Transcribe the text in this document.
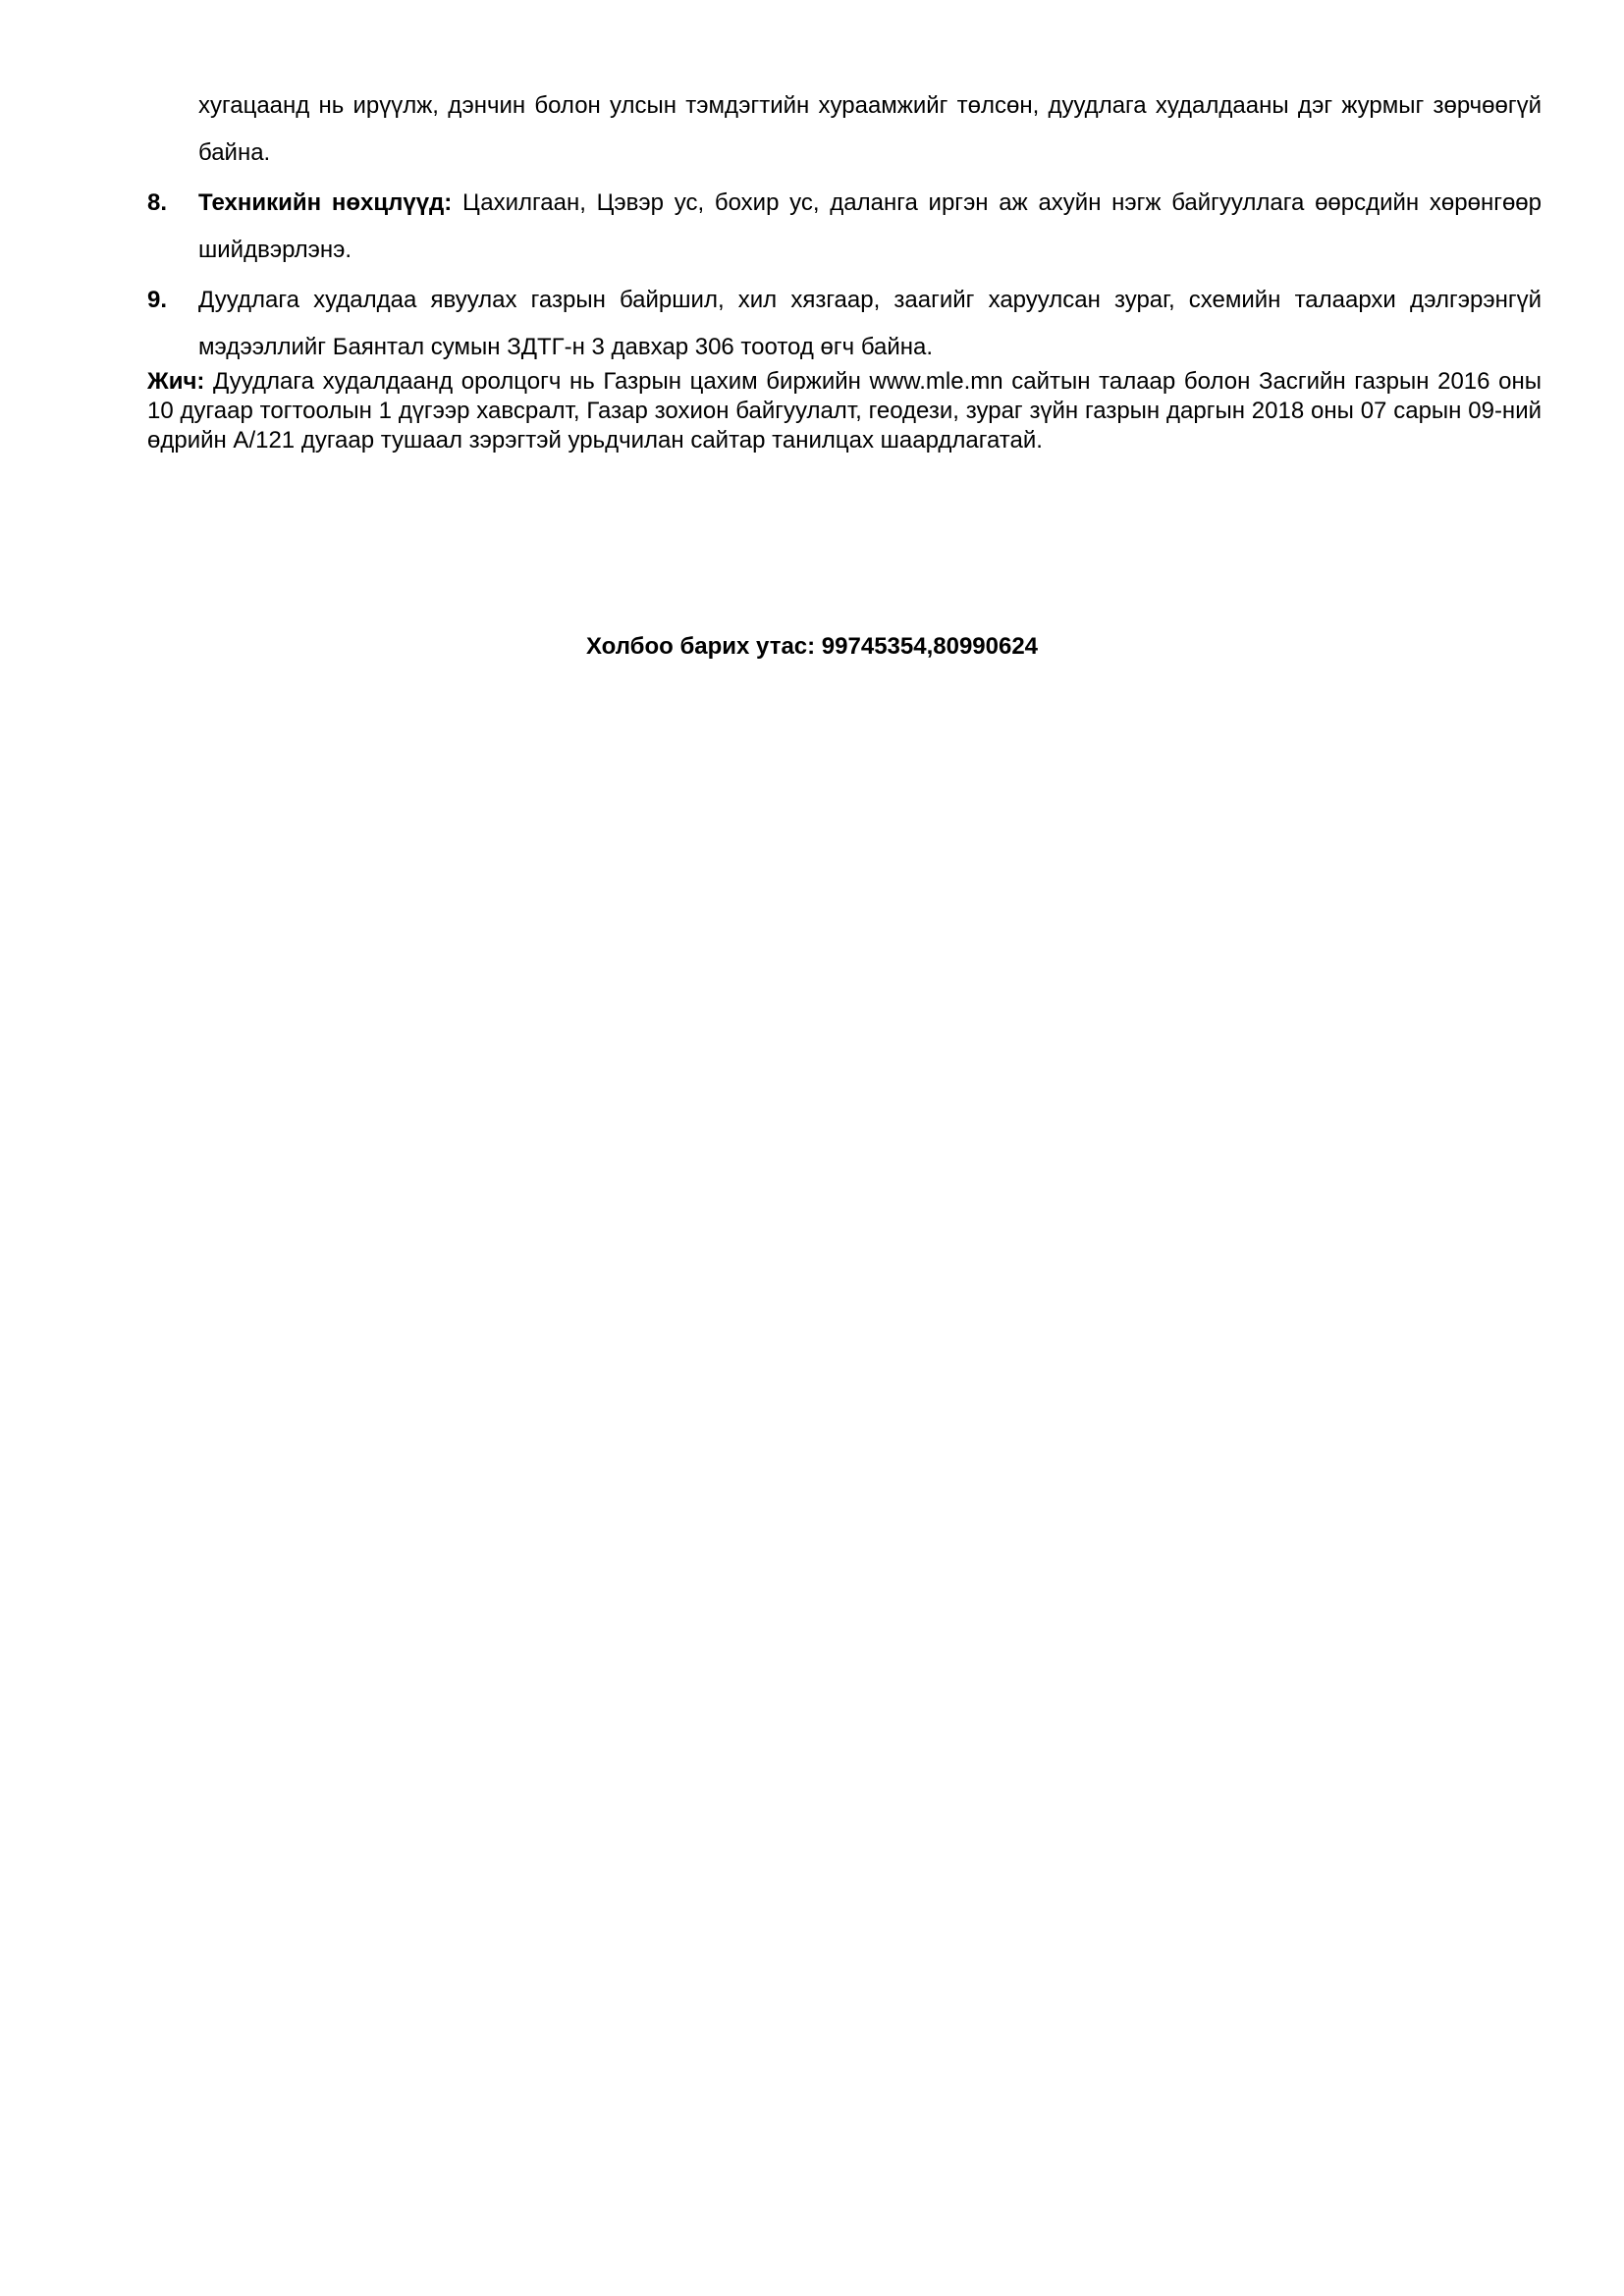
хугацаанд нь ирүүлж, дэнчин болон улсын тэмдэгтийн хураамжийг төлсөн, дуудлага худалдааны дэг журмыг зөрчөөгүй байна.
8.	Техникийн нөхцлүүд: Цахилгаан, Цэвэр ус, бохир ус, даланга иргэн аж ахуйн нэгж байгууллага өөрсдийн хөрөнгөөр шийдвэрлэнэ.
9.	Дуудлага худалдаа явуулах газрын байршил, хил хязгаар, заагийг харуулсан зураг, схемийн талаархи дэлгэрэнгүй мэдээллийг Баянтал сумын ЗДТГ-н 3 давхар 306 тоотод өгч байна.
Жич: Дуудлага худалдаанд оролцогч нь Газрын цахим биржийн www.mle.mn сайтын талаар болон Засгийн газрын 2016 оны 10 дугаар тогтоолын 1 дүгээр хавсралт, Газар зохион байгуулалт, геодези, зураг зүйн газрын даргын 2018 оны 07 сарын 09-ний өдрийн А/121 дугаар тушаал зэрэгтэй урьдчилан сайтар танилцах шаардлагатай.
Холбоо барих утас: 99745354,80990624
